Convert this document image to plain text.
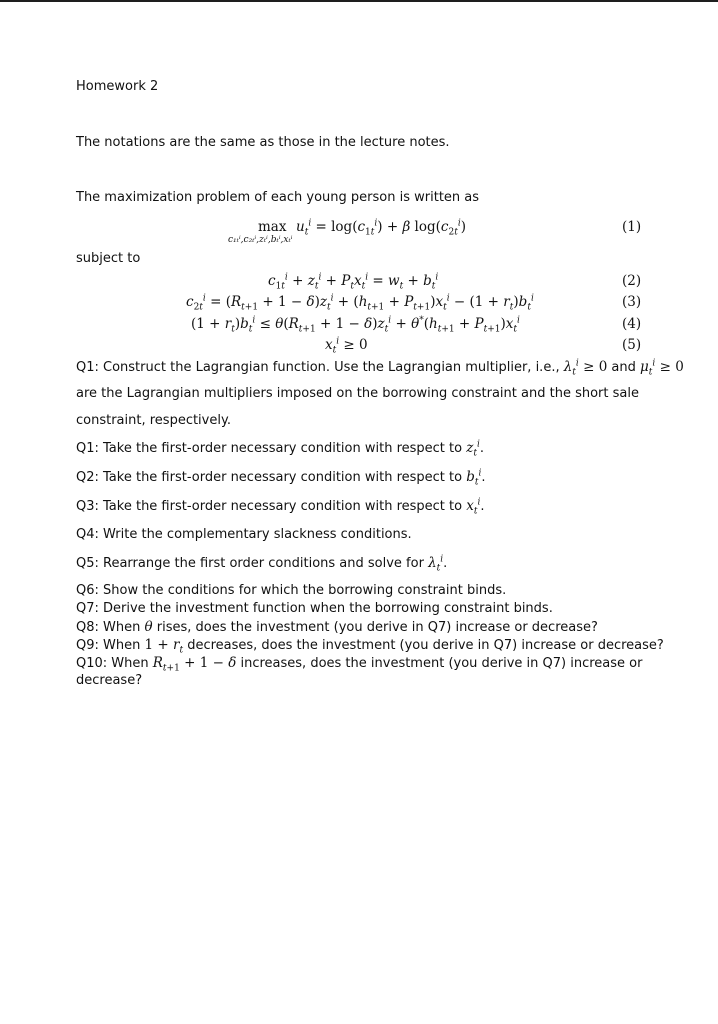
Homework 2
The notations are the same as those in the lecture notes.
The maximization problem of each young person is written as
max
c₁ₜⁱ,c₂ₜⁱ,zₜⁱ,bₜⁱ,xₜⁱ
$u_t^i = \log(c_{1t}^i) + \beta$ $\log(c_{2t}^i)$	(1)
subject to
$c_{1t}^i + z_t^i + P_tx_t^i = w_t + b_t^i$	(2)
$c_{2t}^i = (R_{t+1} + 1 - \delta)z_t^i + (h_{t+1} + P_{t+1})x_t^i - (1 + r_t)b_t^i$	(3)
$(1 + r_t)b_t^i \le \theta(R_{t+1} + 1 - \delta)z_t^i + \theta^*(h_{t+1} + P_{t+1})x_t^i$	(4)
$x_t^i \ge 0$	(5)
Q1: Construct the Lagrangian function. Use the Lagrangian multiplier, i.e., $\lambda_t^i \ge 0$ and $\mu_t^i \ge 0$
are the Lagrangian multipliers imposed on the borrowing constraint and the short sale
constraint, respectively.
Q1: Take the first-order necessary condition with respect to $z_t^i$.
Q2: Take the first-order necessary condition with respect to $b_t^i$.
Q3: Take the first-order necessary condition with respect to $x_t^i$.
Q4: Write the complementary slackness conditions.
Q5: Rearrange the first order conditions and solve for $\lambda_t^i$.
Q6: Show the conditions for which the borrowing constraint binds.
Q7: Derive the investment function when the borrowing constraint binds.
Q8: When θ rises, does the investment (you derive in Q7) increase or decrease?
Q9: When $1 + r_t$ decreases, does the investment (you derive in Q7) increase or decrease?
Q10: When $R_{t+1} + 1 - \delta$ increases, does the investment (you derive in Q7) increase or
decrease?
